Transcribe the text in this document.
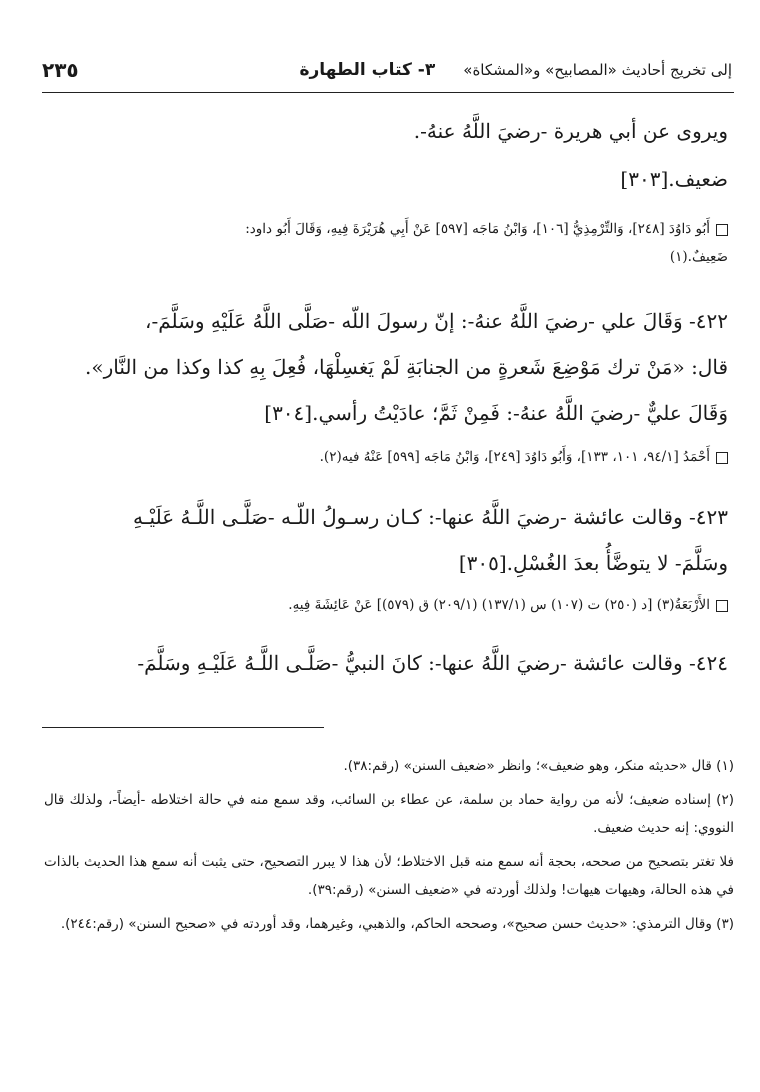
إلى تخريج أحاديث «المصابيح» و«المشكاة»
٣- كتاب الطهارة
٢٣٥
ويروى عن أبي هريرة -رضيَ اللَّهُ عنهُ-.
ضعيف.[٣٠٣]
أَبُو دَاوُدَ [٢٤٨]، وَالتِّرْمِذِيُّ [١٠٦]، وَابْنُ مَاجَه [٥٩٧] عَنْ أَبِي هُرَيْرَةَ فِيهِ، وَقَالَ أَبُو داود:
ضَعِيفٌ.(١)
٤٢٢- وَقَالَ علي -رضيَ اللَّهُ عنهُ-: إنّ رسولَ اللّه -صَلَّى اللَّهُ عَلَيْهِ وسَلَّمَ-،
قال: «مَنْ ترك مَوْضِعَ شَعرةٍ من الجنابَةِ لَمْ يَغسِلْهَا، فُعِلَ بِهِ كذا وكذا من النَّار».
وَقَالَ عليٌّ -رضيَ اللَّهُ عنهُ-: فَمِنْ ثَمَّ؛ عادَيْتُ رأسي.[٣٠٤]
أَحْمَدُ [٩٤/١، ١٠١، ١٣٣]، وَأَبُو دَاوُدَ [٢٤٩]، وَابْنُ مَاجَه [٥٩٩] عَنْهُ فيه(٢).
٤٢٣- وقالت عائشة -رضيَ اللَّهُ عنها-: كـان رسـولُ اللّـه -صَلَّـى اللَّـهُ عَلَيْـهِ
وسَلَّمَ- لا يتوضَّأُ بعدَ الغُسْلِ.[٣٠٥]
الأَرْبَعَةُ(٣) [د (٢٥٠) ت (١٠٧) س (١٣٧/١) (٢٠٩/١) ق (٥٧٩)] عَنْ عَائِشَةَ فِيهِ.
٤٢٤- وقالت عائشة -رضيَ اللَّهُ عنها-: كانَ النبيُّ -صَلَّـى اللَّـهُ عَلَيْـهِ وسَلَّمَ-

(١) قال «حديثه منكر، وهو ضعيف»؛ وانظر «ضعيف السنن» (رقم:٣٨).

(٢) إسناده ضعيف؛ لأنه من رواية حماد بن سلمة، عن عطاء بن السائب، وقد سمع منه في حالة اختلاطه -أيضاً-، ولذلك قال النووي: إنه حديث ضعيف.

فلا تغتر بتصحيح من صححه، بحجة أنه سمع منه قبل الاختلاط؛ لأن هذا لا يبرر التصحيح، حتى يثبت أنه سمع هذا الحديث بالذات في هذه الحالة، وهيهات هيهات! ولذلك أوردته في «ضعيف السنن» (رقم:٣٩).

(٣) وقال الترمذي: «حديث حسن صحيح»، وصححه الحاكم، والذهبي، وغيرهما، وقد أوردته في «صحيح السنن» (رقم:٢٤٤).
